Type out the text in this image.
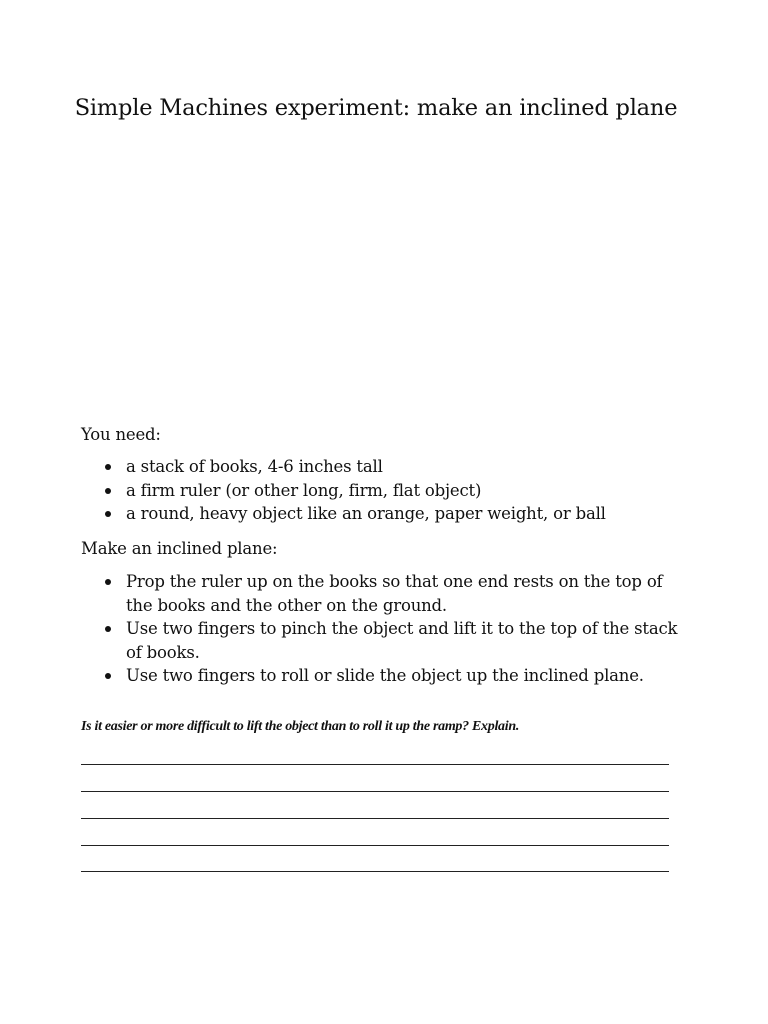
Simple Machines experiment: make an inclined plane

You need:

a stack of books, 4-6 inches tall
a firm ruler (or other long, firm, flat object)
a round, heavy object like an orange, paper weight, or ball

Make an inclined plane:

Prop the ruler up on the books so that one end rests on the top of the books and the other on the ground.
Use two fingers to pinch the object and lift it to the top of the stack of books.
Use two fingers to roll or slide the object up the inclined plane.

Is it easier or more difficult to lift the object than to roll it up the ramp? Explain.
